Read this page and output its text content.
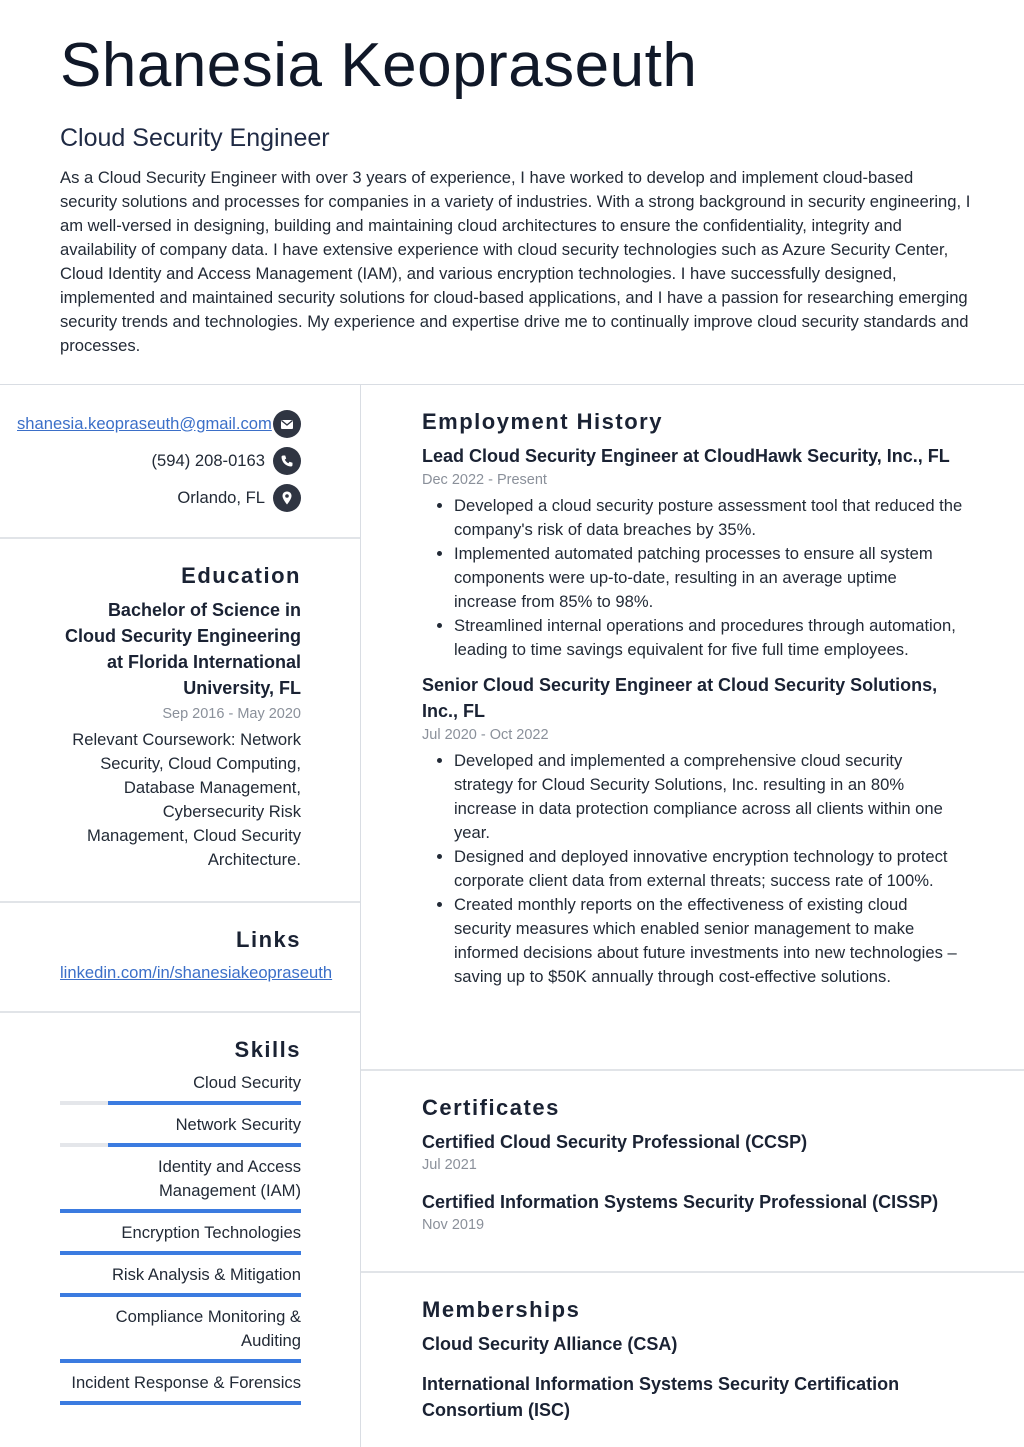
Shanesia Keopraseuth
Cloud Security Engineer

As a Cloud Security Engineer with over 3 years of experience, I have worked to develop and implement cloud-based security solutions and processes for companies in a variety of industries. With a strong background in security engineering, I am well-versed in designing, building and maintaining cloud architectures to ensure the confidentiality, integrity and availability of company data. I have extensive experience with cloud security technologies such as Azure Security Center, Cloud Identity and Access Management (IAM), and various encryption technologies. I have successfully designed, implemented and maintained security solutions for cloud-based applications, and I have a passion for researching emerging security trends and technologies. My experience and expertise drive me to continually improve cloud security standards and processes.

shanesia.keopraseuth@gmail.com
(594) 208-0163
Orlando, FL
Education
Bachelor of Science in Cloud Security Engineering at Florida International University, FL
Sep 2016 - May 2020
Relevant Coursework: Network Security, Cloud Computing, Database Management, Cybersecurity Risk Management, Cloud Security Architecture.
Links
linkedin.com/in/shanesiakeopraseuth
Skills
Cloud Security
Network Security
Identity and Access Management (IAM)
Encryption Technologies
Risk Analysis & Mitigation
Compliance Monitoring & Auditing
Incident Response & Forensics
Employment History
Lead Cloud Security Engineer at CloudHawk Security, Inc., FL
Dec 2022 - Present
• Developed a cloud security posture assessment tool that reduced the company's risk of data breaches by 35%.
• Implemented automated patching processes to ensure all system components were up-to-date, resulting in an average uptime increase from 85% to 98%.
• Streamlined internal operations and procedures through automation, leading to time savings equivalent for five full time employees.
Senior Cloud Security Engineer at Cloud Security Solutions, Inc., FL
Jul 2020 - Oct 2022
• Developed and implemented a comprehensive cloud security strategy for Cloud Security Solutions, Inc. resulting in an 80% increase in data protection compliance across all clients within one year.
• Designed and deployed innovative encryption technology to protect corporate client data from external threats; success rate of 100%.
• Created monthly reports on the effectiveness of existing cloud security measures which enabled senior management to make informed decisions about future investments into new technologies – saving up to $50K annually through cost-effective solutions.
Certificates
Certified Cloud Security Professional (CCSP)
Jul 2021
Certified Information Systems Security Professional (CISSP)
Nov 2019
Memberships
Cloud Security Alliance (CSA)
International Information Systems Security Certification Consortium (ISC)
